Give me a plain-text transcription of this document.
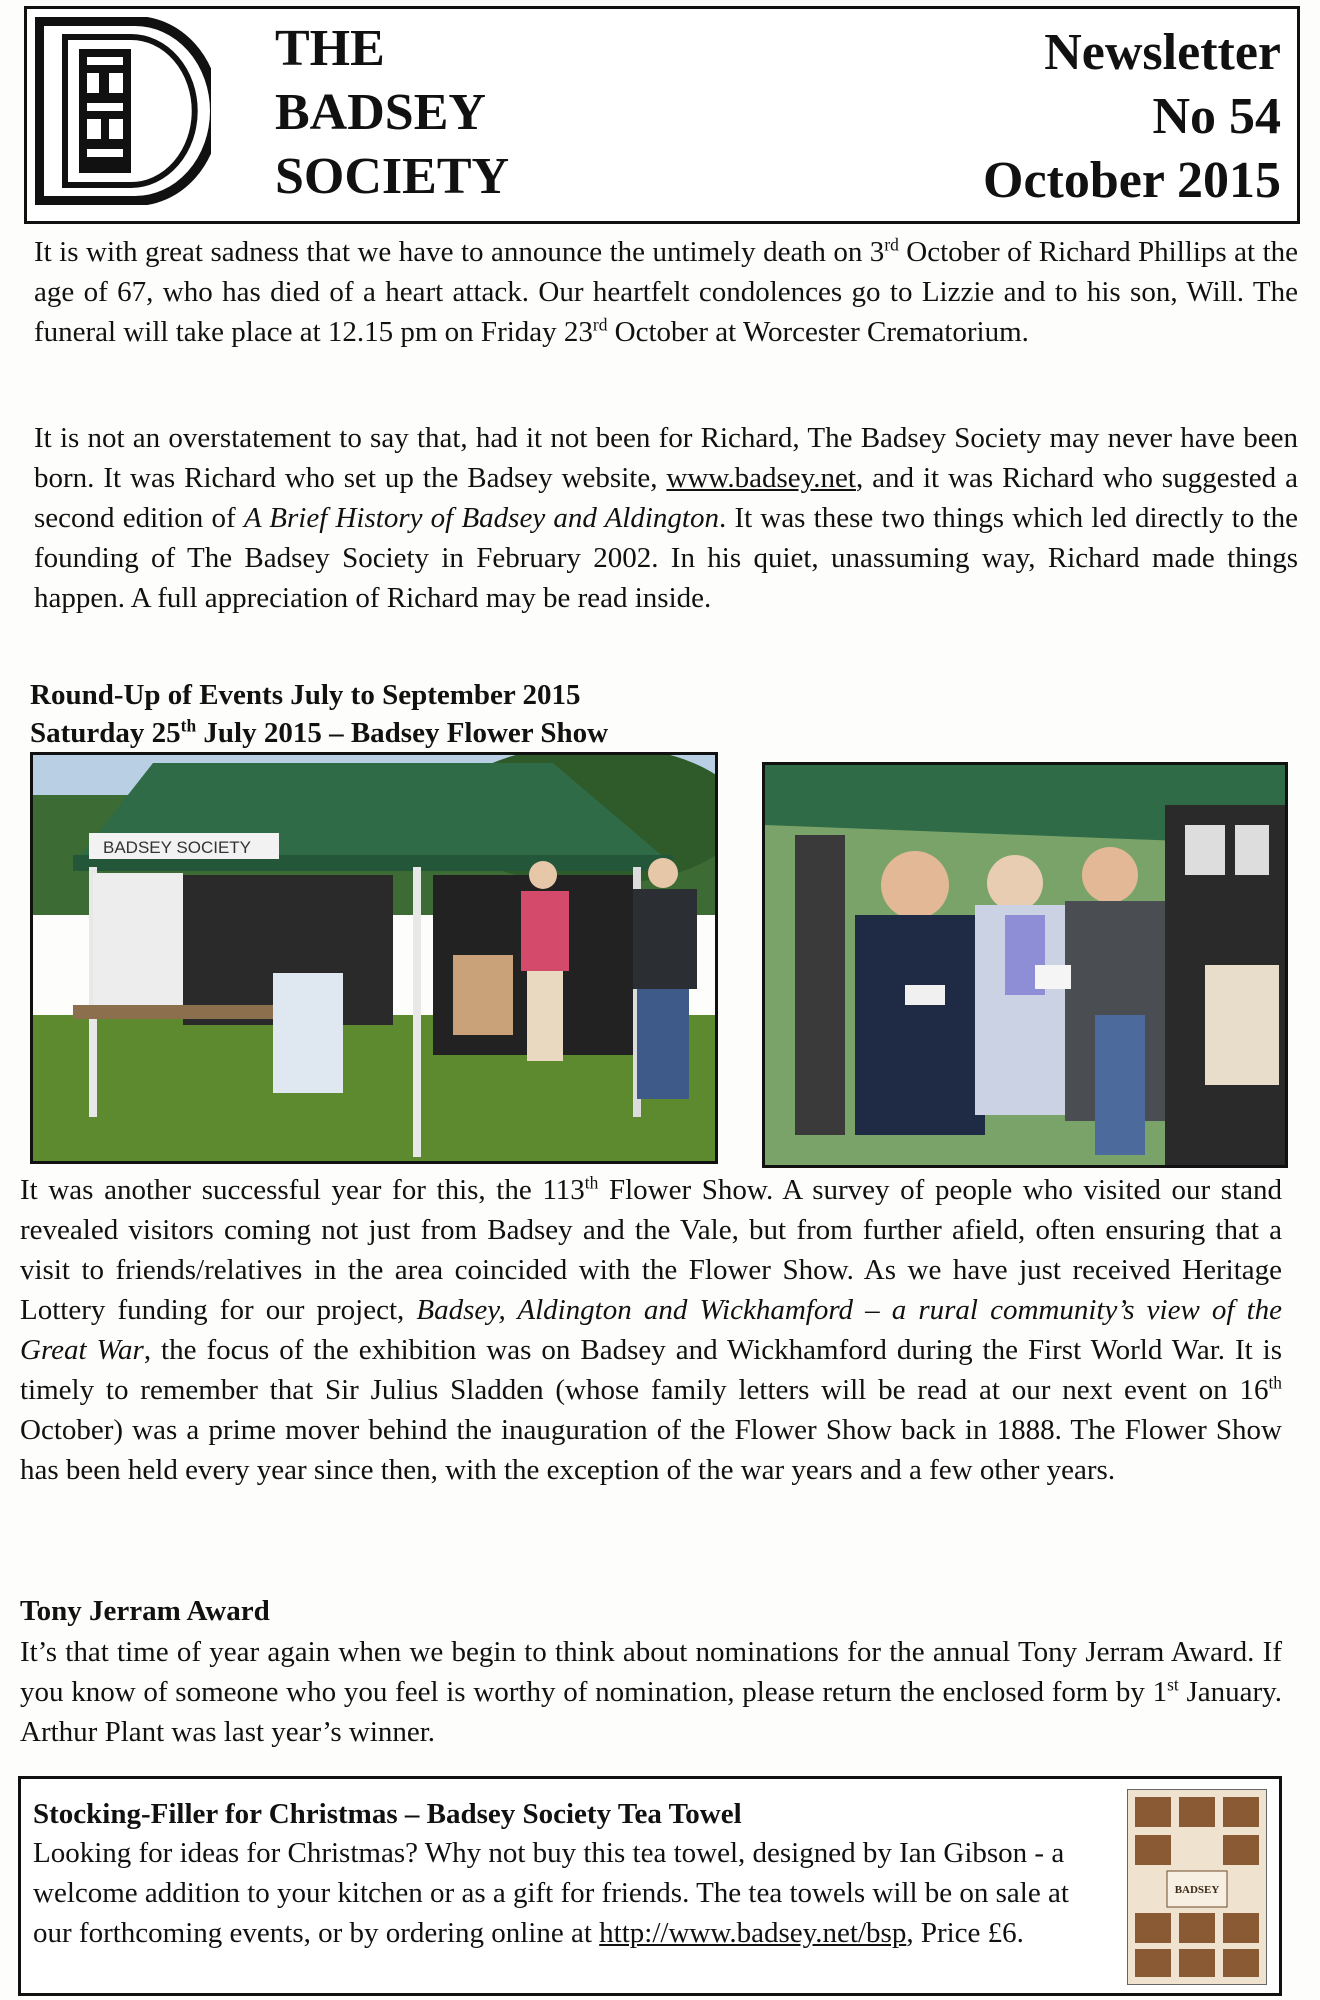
THE
BADSEY
SOCIETY
Newsletter
No 54
October 2015

It is with great sadness that we have to announce the untimely death on 3rd October of Richard Phillips at the age of 67, who has died of a heart attack. Our heartfelt condolences go to Lizzie and to his son, Will. The funeral will take place at 12.15 pm on Friday 23rd October at Worcester Crematorium.

It is not an overstatement to say that, had it not been for Richard, The Badsey Society may never have been born. It was Richard who set up the Badsey website, www.badsey.net, and it was Richard who suggested a second edition of A Brief History of Badsey and Aldington. It was these two things which led directly to the founding of The Badsey Society in February 2002. In his quiet, unassuming way, Richard made things happen. A full appreciation of Richard may be read inside.

Round-Up of Events July to September 2015
Saturday 25th July 2015 – Badsey Flower Show
BADSEY SOCIETY

It was another successful year for this, the 113th Flower Show. A survey of people who visited our stand revealed visitors coming not just from Badsey and the Vale, but from further afield, often ensuring that a visit to friends/relatives in the area coincided with the Flower Show. As we have just received Heritage Lottery funding for our project, Badsey, Aldington and Wickhamford – a rural community’s view of the Great War, the focus of the exhibition was on Badsey and Wickhamford during the First World War. It is timely to remember that Sir Julius Sladden (whose family letters will be read at our next event on 16th October) was a prime mover behind the inauguration of the Flower Show back in 1888. The Flower Show has been held every year since then, with the exception of the war years and a few other years.

Tony Jerram Award

It’s that time of year again when we begin to think about nominations for the annual Tony Jerram Award. If you know of someone who you feel is worthy of nomination, please return the enclosed form by 1st January. Arthur Plant was last year’s winner.

Stocking-Filler for Christmas – Badsey Society Tea Towel

Looking for ideas for Christmas? Why not buy this tea towel, designed by Ian Gibson - a welcome addition to your kitchen or as a gift for friends. The tea towels will be on sale at our forthcoming events, or by ordering online at http://www.badsey.net/bsp, Price £6.

BADSEY
